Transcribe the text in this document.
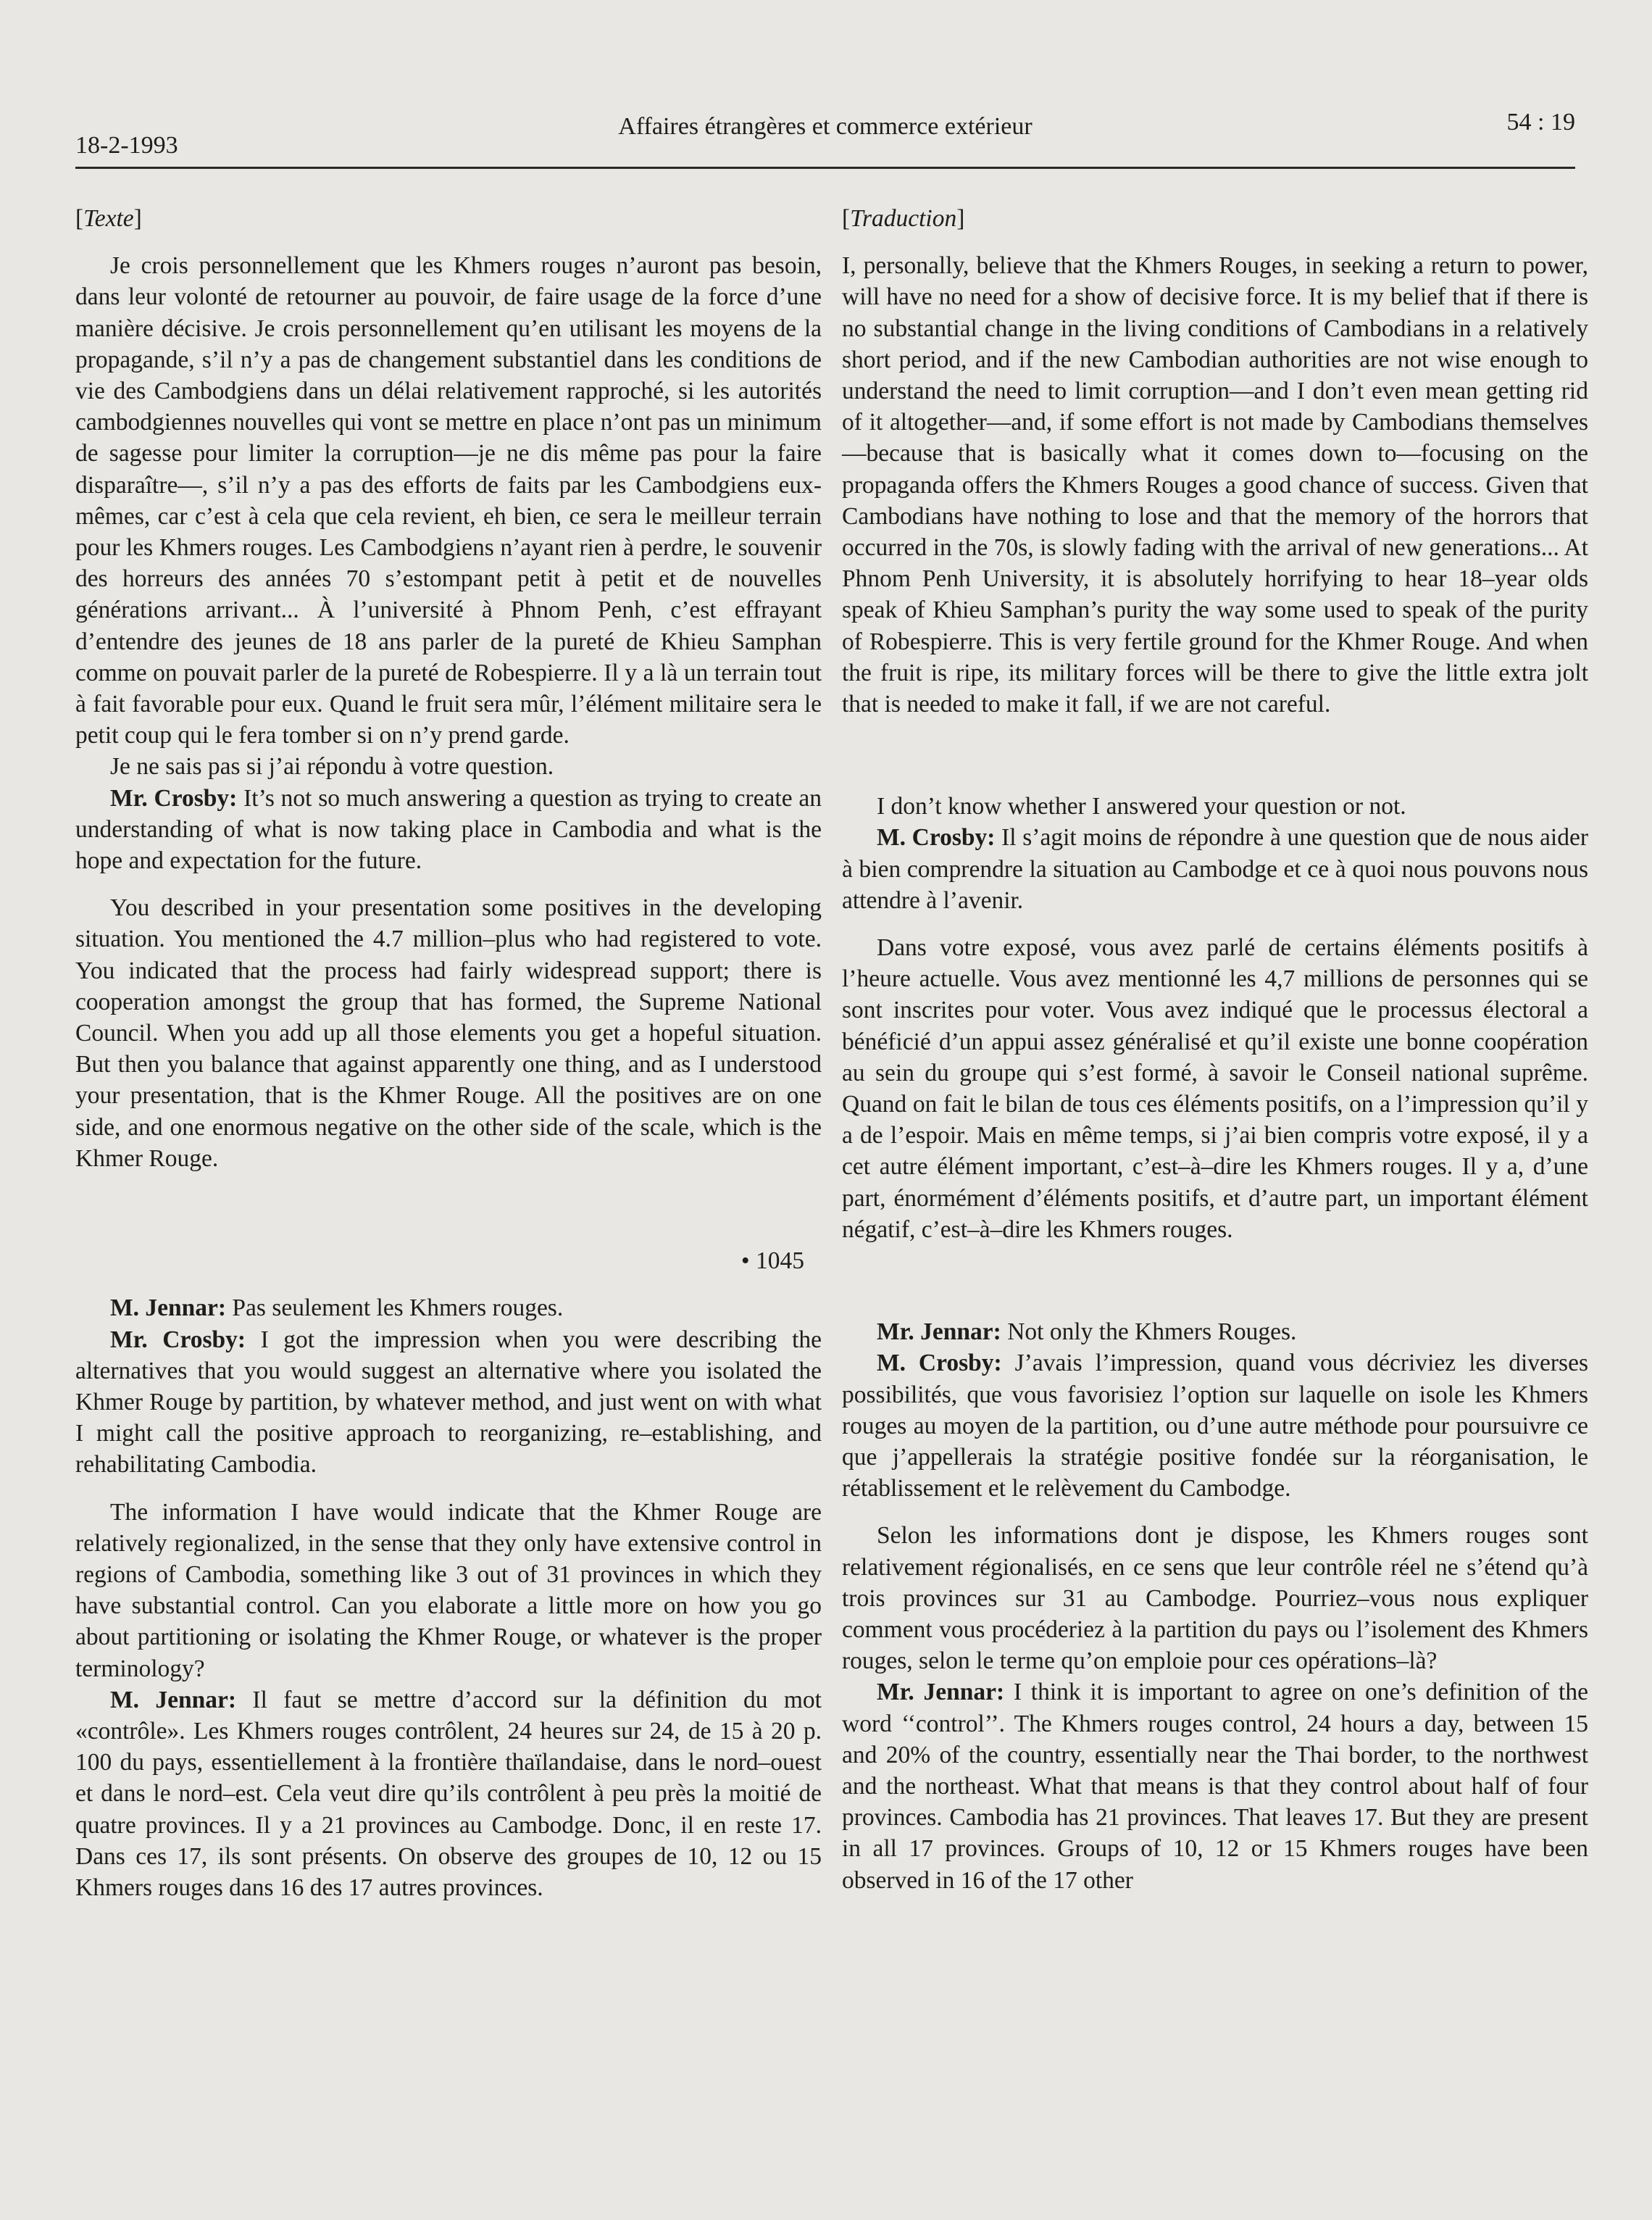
18-2-1993
Affaires étrangères et commerce extérieur	54 : 19

[Texte]

Je crois personnellement que les Khmers rouges n’auront pas besoin, dans leur volonté de retourner au pouvoir, de faire usage de la force d’une manière décisive. Je crois personnellement qu’en utilisant les moyens de la propagande, s’il n’y a pas de changement substantiel dans les conditions de vie des Cambodgiens dans un délai relativement rapproché, si les autorités cambodgiennes nouvelles qui vont se mettre en place n’ont pas un minimum de sagesse pour limiter la corruption—je ne dis même pas pour la faire disparaître—, s’il n’y a pas des efforts de faits par les Cambodgiens eux-mêmes, car c’est à cela que cela revient, eh bien, ce sera le meilleur terrain pour les Khmers rouges. Les Cambodgiens n’ayant rien à perdre, le souvenir des horreurs des années 70 s’estompant petit à petit et de nouvelles générations arrivant... À l’université à Phnom Penh, c’est effrayant d’entendre des jeunes de 18 ans parler de la pureté de Khieu Samphan comme on pouvait parler de la pureté de Robespierre. Il y a là un terrain tout à fait favorable pour eux. Quand le fruit sera mûr, l’élément militaire sera le petit coup qui le fera tomber si on n’y prend garde.

Je ne sais pas si j’ai répondu à votre question.

Mr. Crosby: It’s not so much answering a question as trying to create an understanding of what is now taking place in Cambodia and what is the hope and expectation for the future.

You described in your presentation some positives in the developing situation. You mentioned the 4.7 million–plus who had registered to vote. You indicated that the process had fairly widespread support; there is cooperation amongst the group that has formed, the Supreme National Council. When you add up all those elements you get a hopeful situation. But then you balance that against apparently one thing, and as I understood your presentation, that is the Khmer Rouge. All the positives are on one side, and one enormous negative on the other side of the scale, which is the Khmer Rouge.

• 1045

M. Jennar: Pas seulement les Khmers rouges.

Mr. Crosby: I got the impression when you were describing the alternatives that you would suggest an alternative where you isolated the Khmer Rouge by partition, by whatever method, and just went on with what I might call the positive approach to reorganizing, re–establishing, and rehabilitating Cambodia.

The information I have would indicate that the Khmer Rouge are relatively regionalized, in the sense that they only have extensive control in regions of Cambodia, something like 3 out of 31 provinces in which they have substantial control. Can you elaborate a little more on how you go about partitioning or isolating the Khmer Rouge, or whatever is the proper terminology?

M. Jennar: Il faut se mettre d’accord sur la définition du mot «contrôle». Les Khmers rouges contrôlent, 24 heures sur 24, de 15 à 20 p. 100 du pays, essentiellement à la frontière thaïlandaise, dans le nord–ouest et dans le nord–est. Cela veut dire qu’ils contrôlent à peu près la moitié de quatre provinces. Il y a 21 provinces au Cambodge. Donc, il en reste 17. Dans ces 17, ils sont présents. On observe des groupes de 10, 12 ou 15 Khmers rouges dans 16 des 17 autres provinces.

[Traduction]

I, personally, believe that the Khmers Rouges, in seeking a return to power, will have no need for a show of decisive force. It is my belief that if there is no substantial change in the living conditions of Cambodians in a relatively short period, and if the new Cambodian authorities are not wise enough to understand the need to limit corruption—and I don’t even mean getting rid of it altogether—and, if some effort is not made by Cambodians themselves—because that is basically what it comes down to—focusing on the propaganda offers the Khmers Rouges a good chance of success. Given that Cambodians have nothing to lose and that the memory of the horrors that occurred in the 70s, is slowly fading with the arrival of new generations... At Phnom Penh University, it is absolutely horrifying to hear 18–year olds speak of Khieu Samphan’s purity the way some used to speak of the purity of Robespierre. This is very fertile ground for the Khmer Rouge. And when the fruit is ripe, its military forces will be there to give the little extra jolt that is needed to make it fall, if we are not careful.

I don’t know whether I answered your question or not.

M. Crosby: Il s’agit moins de répondre à une question que de nous aider à bien comprendre la situation au Cambodge et ce à quoi nous pouvons nous attendre à l’avenir.

Dans votre exposé, vous avez parlé de certains éléments positifs à l’heure actuelle. Vous avez mentionné les 4,7 millions de personnes qui se sont inscrites pour voter. Vous avez indiqué que le processus électoral a bénéficié d’un appui assez généralisé et qu’il existe une bonne coopération au sein du groupe qui s’est formé, à savoir le Conseil national suprême. Quand on fait le bilan de tous ces éléments positifs, on a l’impression qu’il y a de l’espoir. Mais en même temps, si j’ai bien compris votre exposé, il y a cet autre élément important, c’est–à–dire les Khmers rouges. Il y a, d’une part, énormément d’éléments positifs, et d’autre part, un important élément négatif, c’est–à–dire les Khmers rouges.

Mr. Jennar: Not only the Khmers Rouges.

M. Crosby: J’avais l’impression, quand vous décriviez les diverses possibilités, que vous favorisiez l’option sur laquelle on isole les Khmers rouges au moyen de la partition, ou d’une autre méthode pour poursuivre ce que j’appellerais la stratégie positive fondée sur la réorganisation, le rétablissement et le relèvement du Cambodge.

Selon les informations dont je dispose, les Khmers rouges sont relativement régionalisés, en ce sens que leur contrôle réel ne s’étend qu’à trois provinces sur 31 au Cambodge. Pourriez–vous nous expliquer comment vous procéderiez à la partition du pays ou l’isolement des Khmers rouges, selon le terme qu’on emploie pour ces opérations–là?

Mr. Jennar: I think it is important to agree on one’s definition of the word ‘‘control’’. The Khmers rouges control, 24 hours a day, between 15 and 20% of the country, essentially near the Thai border, to the northwest and the northeast. What that means is that they control about half of four provinces. Cambodia has 21 provinces. That leaves 17. But they are present in all 17 provinces. Groups of 10, 12 or 15 Khmers rouges have been observed in 16 of the 17 other
